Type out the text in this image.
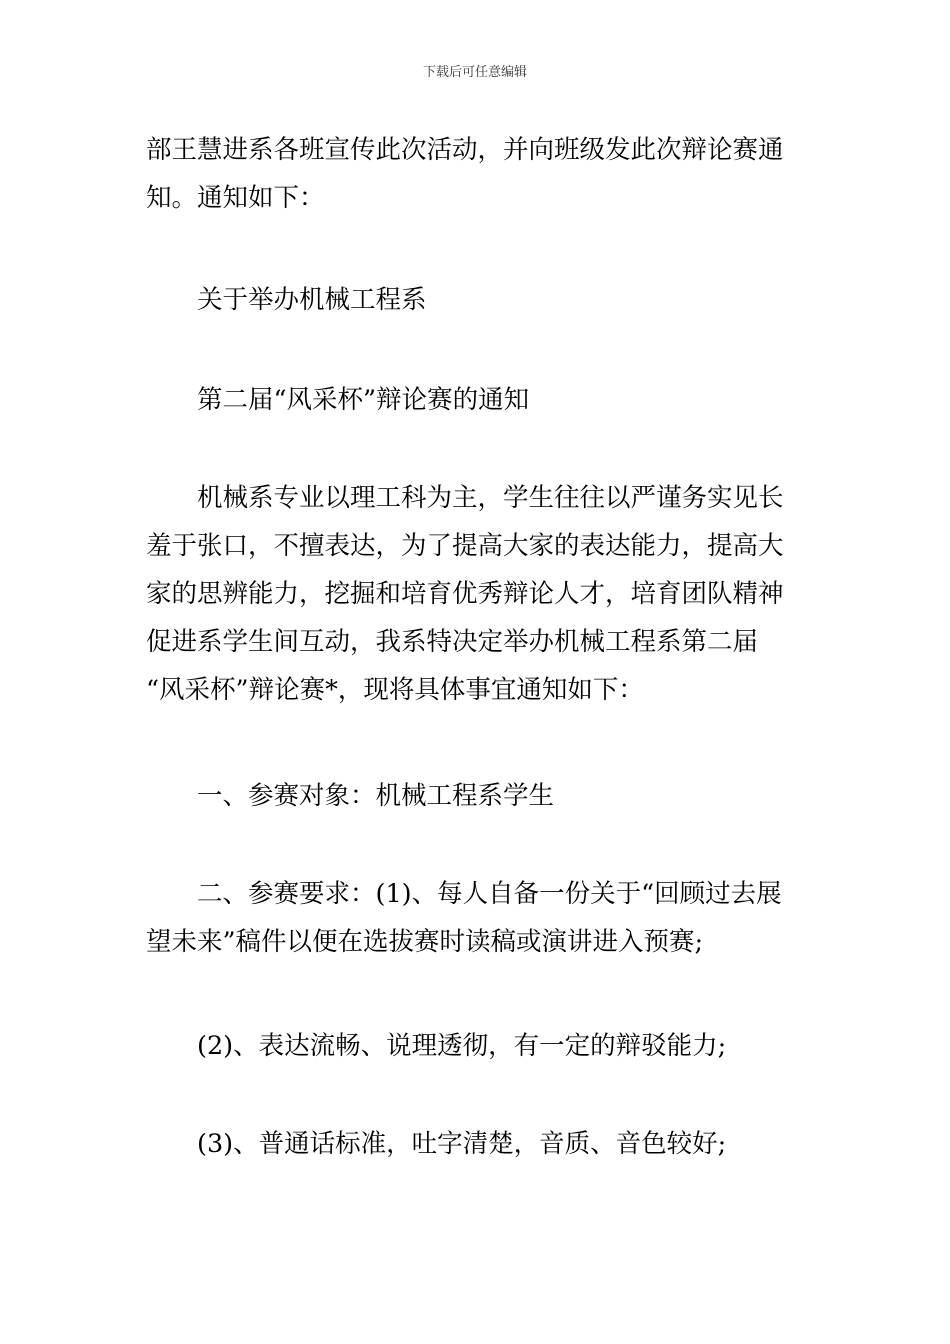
下载后可任意编辑
部王慧进系各班宣传此次活动，并向班级发此次辩论赛通
知。通知如下：
　　关于举办机械工程系
　　第二届“风采杯”辩论赛的通知
　　机械系专业以理工科为主，学生往往以严谨务实见长
羞于张口，不擅表达，为了提高大家的表达能力，提高大
家的思辨能力，挖掘和培育优秀辩论人才，培育团队精神
促进系学生间互动，我系特决定举办机械工程系第二届
“风采杯”辩论赛*，现将具体事宜通知如下：
　　一、参赛对象：机械工程系学生
　　二、参赛要求：(1)、每人自备一份关于“回顾过去展
望未来”稿件以便在选拔赛时读稿或演讲进入预赛;
　　(2)、表达流畅、说理透彻，有一定的辩驳能力;
　　(3)、普通话标准，吐字清楚，音质、音色较好;
